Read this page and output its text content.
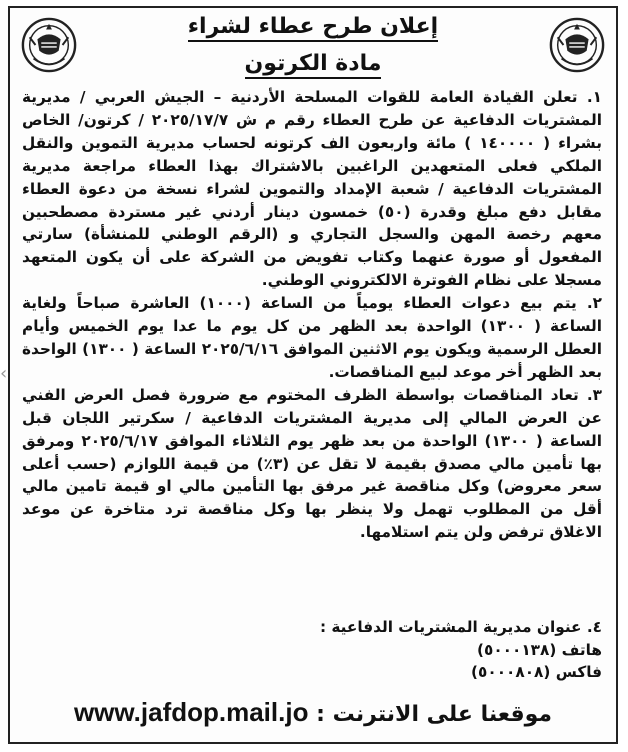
‹
إعلان طرح عطاء لشراء
مادة الكرتون

١. تعلن القيادة العامة للقوات المسلحة الأردنية – الجيش العربي / مديرية المشتريات الدفاعية عن طرح العطاء رقم م ش ٢٠٢٥/١٧/٧ / كرتون/ الخاص بشراء ( ١٤٠٠٠٠ ) مائة واربعون الف كرتونه لحساب مديرية التموين والنقل الملكي فعلى المتعهدين الراغبين بالاشتراك بهذا العطاء مراجعة مديرية المشتريات الدفاعية / شعبة الإمداد والتموين لشراء نسخة من دعوة العطاء مقابل دفع مبلغ وقدرة (٥٠) خمسون دينار أردني غير مستردة مصطحبين معهم رخصة المهن والسجل التجاري و (الرقم الوطني للمنشأة) سارتي المفعول أو صورة عنهما وكتاب تفويض من الشركة على أن يكون المتعهد مسجلا على نظام الفوترة الالكتروني الوطني.

٢. يتم بيع دعوات العطاء يومياً من الساعة (١٠٠٠) العاشرة صباحاً ولغاية الساعة ( ١٣٠٠) الواحدة بعد الظهر من كل يوم ما عدا يوم الخميس وأيام العطل الرسمية ويكون يوم الاثنين الموافق ٢٠٢٥/٦/١٦ الساعة ( ١٣٠٠) الواحدة بعد الظهر أخر موعد لبيع المناقصات.

٣. تعاد المناقصات بواسطة الظرف المختوم مع ضرورة فصل العرض الفني عن العرض المالي إلى مديرية المشتريات الدفاعية / سكرتير اللجان قبل الساعة ( ١٣٠٠) الواحدة من بعد ظهر يوم الثلاثاء الموافق ٢٠٢٥/٦/١٧ ومرفق بها تأمين مالي مصدق بقيمة لا تقل عن (٣٪) من قيمة اللوازم (حسب أعلى سعر معروض) وكل مناقصة غير مرفق بها التأمين مالي او قيمة تامين مالي أقل من المطلوب تهمل ولا ينظر بها وكل مناقصة ترد متاخرة عن موعد الاغلاق ترفض ولن يتم استلامها.

٤. عنوان مديرية المشتريات الدفاعية :
هاتف (٥٠٠٠١٣٨)
فاكس (٥٠٠٠٨٠٨)
موقعنا على الانترنت : www.jafdop.mail.jo
